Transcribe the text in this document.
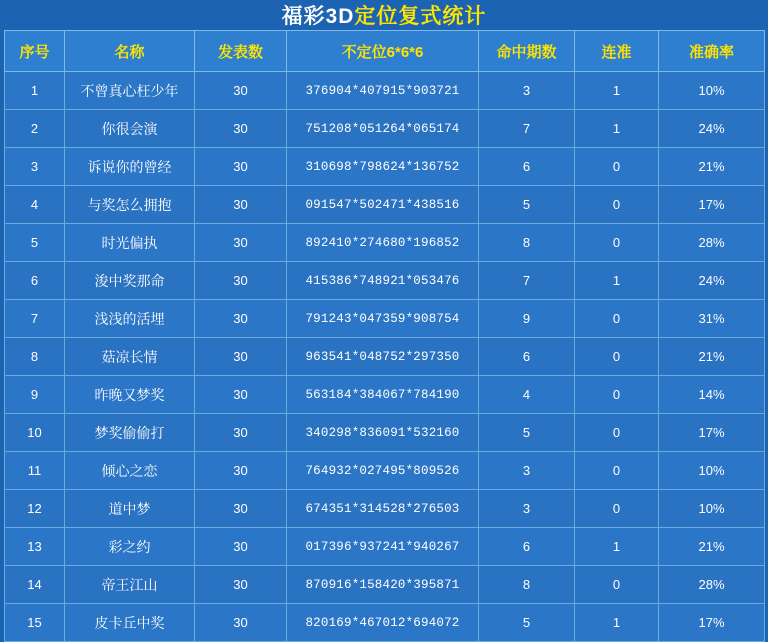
福彩3D定位复式统计
序号	名称	发表数	不定位6*6*6	命中期数	连准	准确率
1	不曾真心枉少年	30	376904*407915*903721	3	1	10%
2	你很会演	30	751208*051264*065174	7	1	24%
3	诉说你的曾经	30	310698*798624*136752	6	0	21%
4	与奖怎么拥抱	30	091547*502471*438516	5	0	17%
5	时光偏执	30	892410*274680*196852	8	0	28%
6	浚中奖那命	30	415386*748921*053476	7	1	24%
7	浅浅的活埋	30	791243*047359*908754	9	0	31%
8	菇凉长情	30	963541*048752*297350	6	0	21%
9	昨晚又梦奖	30	563184*384067*784190	4	0	14%
10	梦奖偷偷打	30	340298*836091*532160	5	0	17%
11	倾心之恋	30	764932*027495*809526	3	0	10%
12	道中梦	30	674351*314528*276503	3	0	10%
13	彩之约	30	017396*937241*940267	6	1	21%
14	帝王江山	30	870916*158420*395871	8	0	28%
15	皮卡丘中奖	30	820169*467012*694072	5	1	17%
